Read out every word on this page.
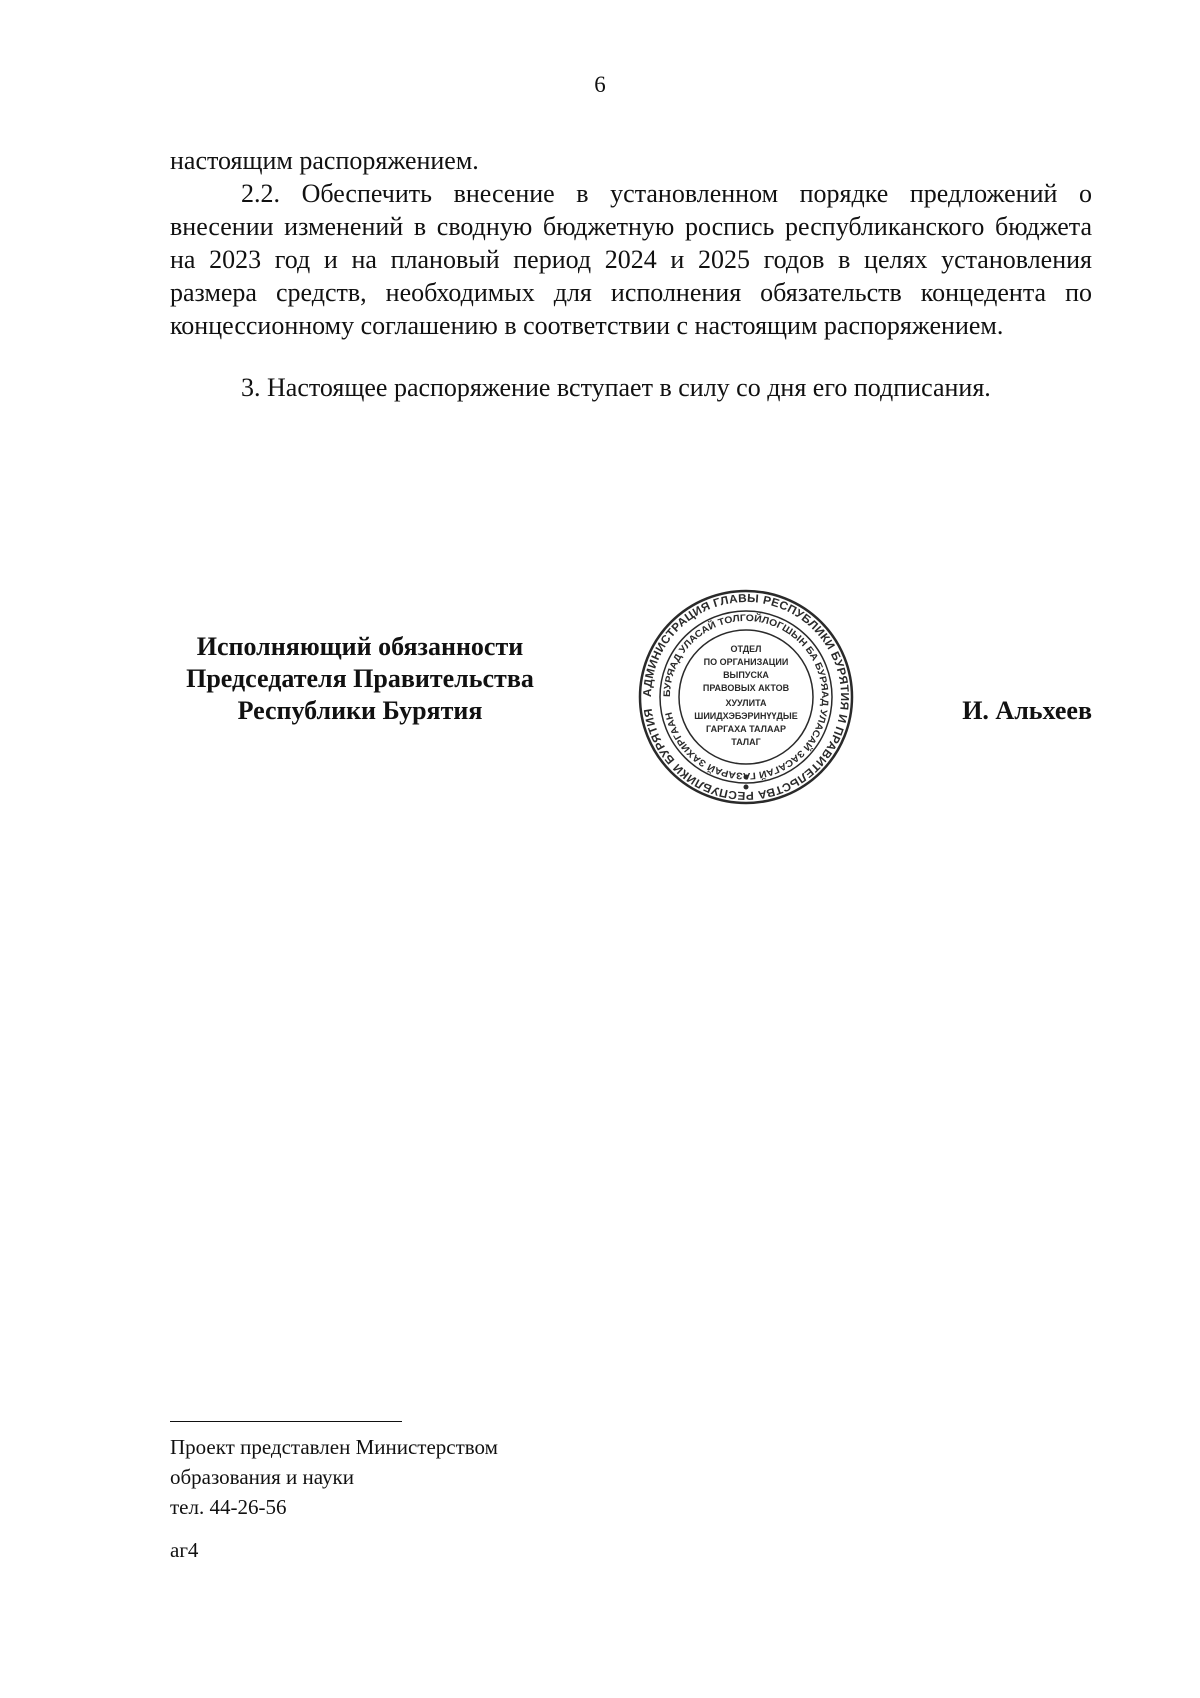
6

настоящим распоряжением.

2.2. Обеспечить внесение в установленном порядке предложений о внесении изменений в сводную бюджетную роспись республиканского бюджета на 2023 год и на плановый период 2024 и 2025 годов в целях установления размера средств, необходимых для исполнения обязательств концедента по концессионному соглашению в соответствии с настоящим распоряжением.

3. Настоящее распоряжение вступает в силу со дня его подписания.

Исполняющий обязанности
Председателя Правительства
Республики Бурятия
АДМИНИСТРАЦИЯ ГЛАВЫ РЕСПУБЛИКИ БУРЯТИЯ И ПРАВИТЕЛЬСТВА РЕСПУБЛИКИ БУРЯТИЯ
БУРЯАД УЛАСАЙ ТОЛГОЙЛОГШЫН БА БУРЯАД УЛАСАЙ ЗАСАГАЙ Г ЗАРАЙ ЗАХИРГААН
ОТДЕЛ
ПО ОРГАНИЗАЦИИ
ВЫПУСКА
ПРАВОВЫХ АКТОВ
ХУУЛИТА
ШИИДХЭБЭРИНҮҮДЫЕ
ГАРГАХА ТАЛААР
ТАЛАГ
И. Альхеев
Проект представлен Министерством
образования и науки
тел. 44-26-56
аг4
